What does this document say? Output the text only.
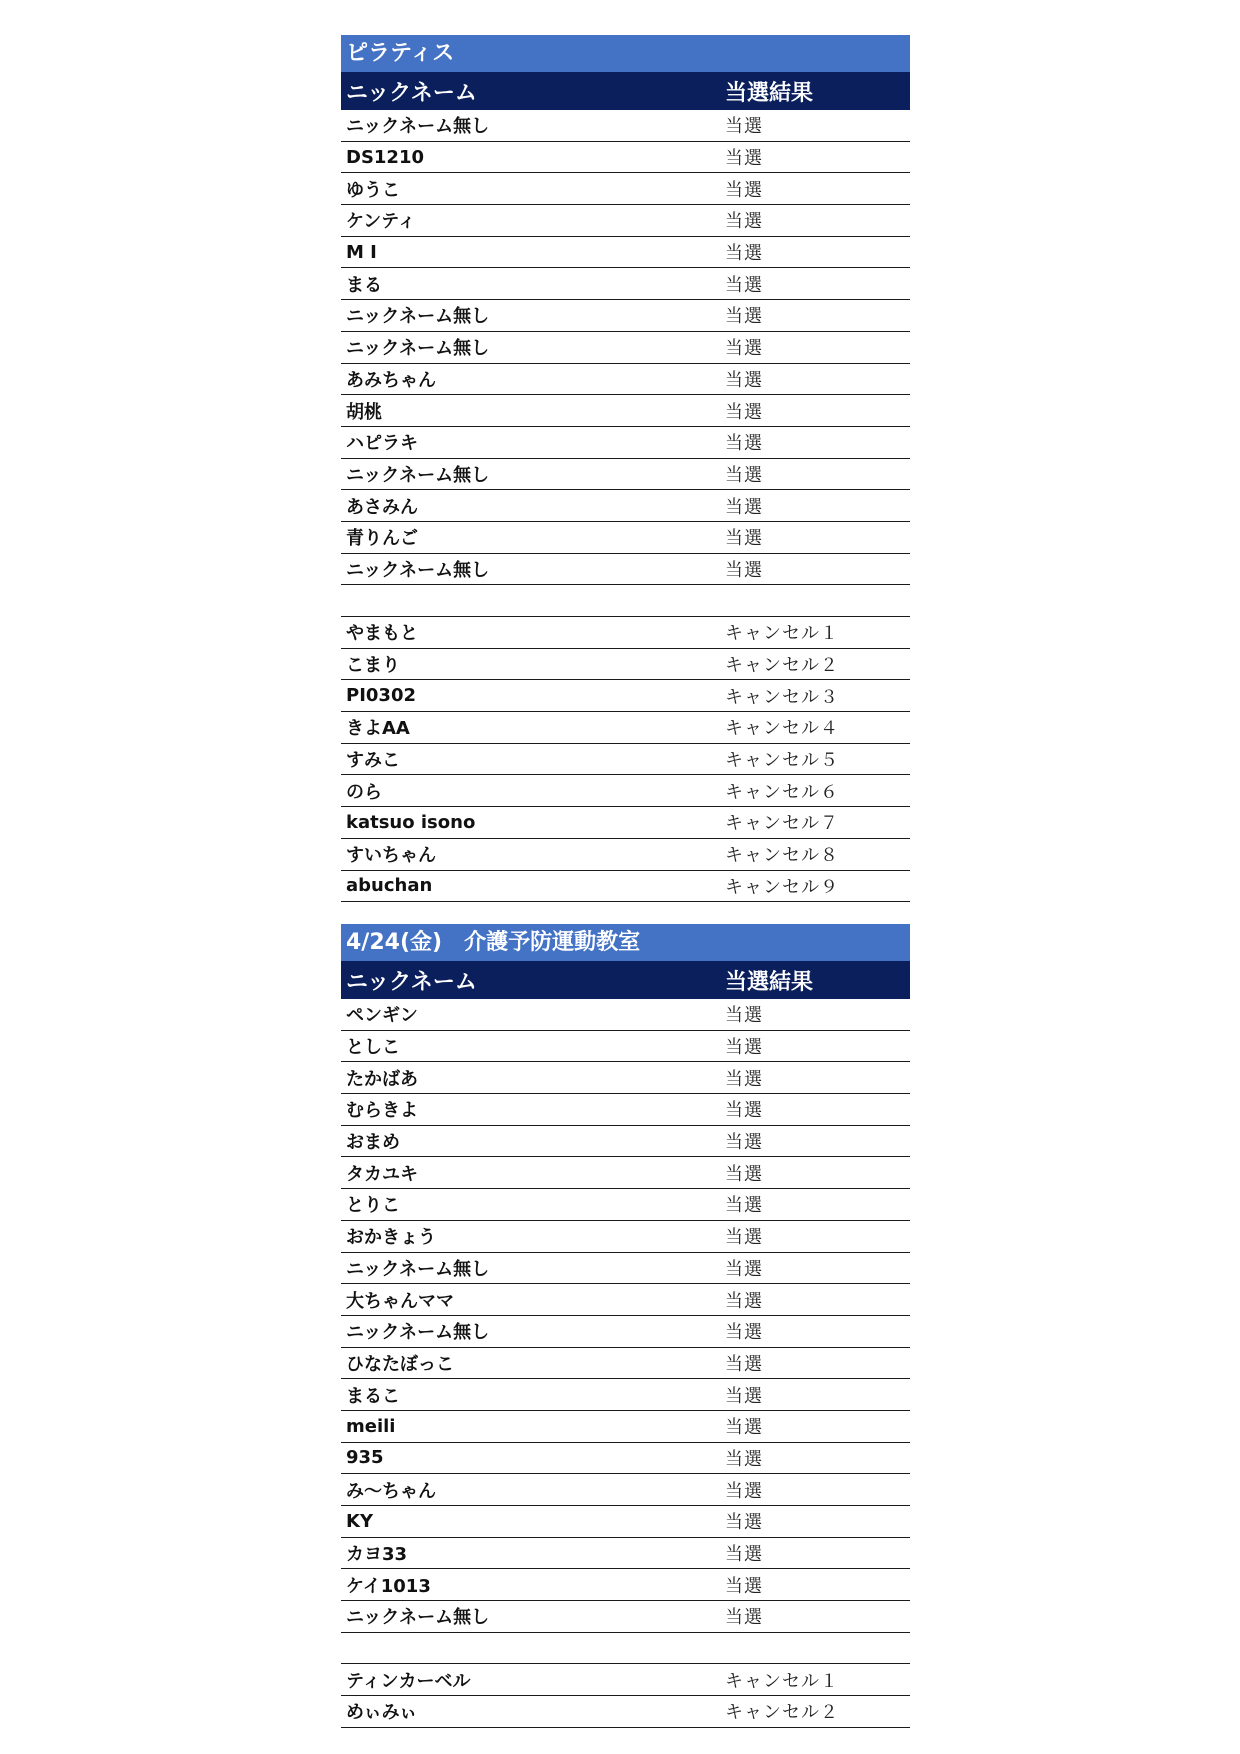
ピラティス
ニックネーム	当選結果
ニックネーム無し	当選
DS1210	当選
ゆうこ	当選
ケンティ	当選
M I	当選
まる	当選
ニックネーム無し	当選
ニックネーム無し	当選
あみちゃん	当選
胡桃	当選
ハピラキ	当選
ニックネーム無し	当選
あさみん	当選
青りんご	当選
ニックネーム無し	当選
やまもと	キャンセル１
こまり	キャンセル２
PI0302	キャンセル３
きよAA	キャンセル４
すみこ	キャンセル５
のら	キャンセル６
katsuo isono	キャンセル７
すいちゃん	キャンセル８
abuchan	キャンセル９
4/24(金)　介護予防運動教室
ニックネーム	当選結果
ペンギン	当選
としこ	当選
たかばあ	当選
むらきよ	当選
おまめ	当選
タカユキ	当選
とりこ	当選
おかきょう	当選
ニックネーム無し	当選
大ちゃんママ	当選
ニックネーム無し	当選
ひなたぼっこ	当選
まるこ	当選
meili	当選
935	当選
み～ちゃん	当選
KY	当選
カヨ33	当選
ケイ1013	当選
ニックネーム無し	当選
ティンカーベル	キャンセル１
めぃみぃ	キャンセル２
